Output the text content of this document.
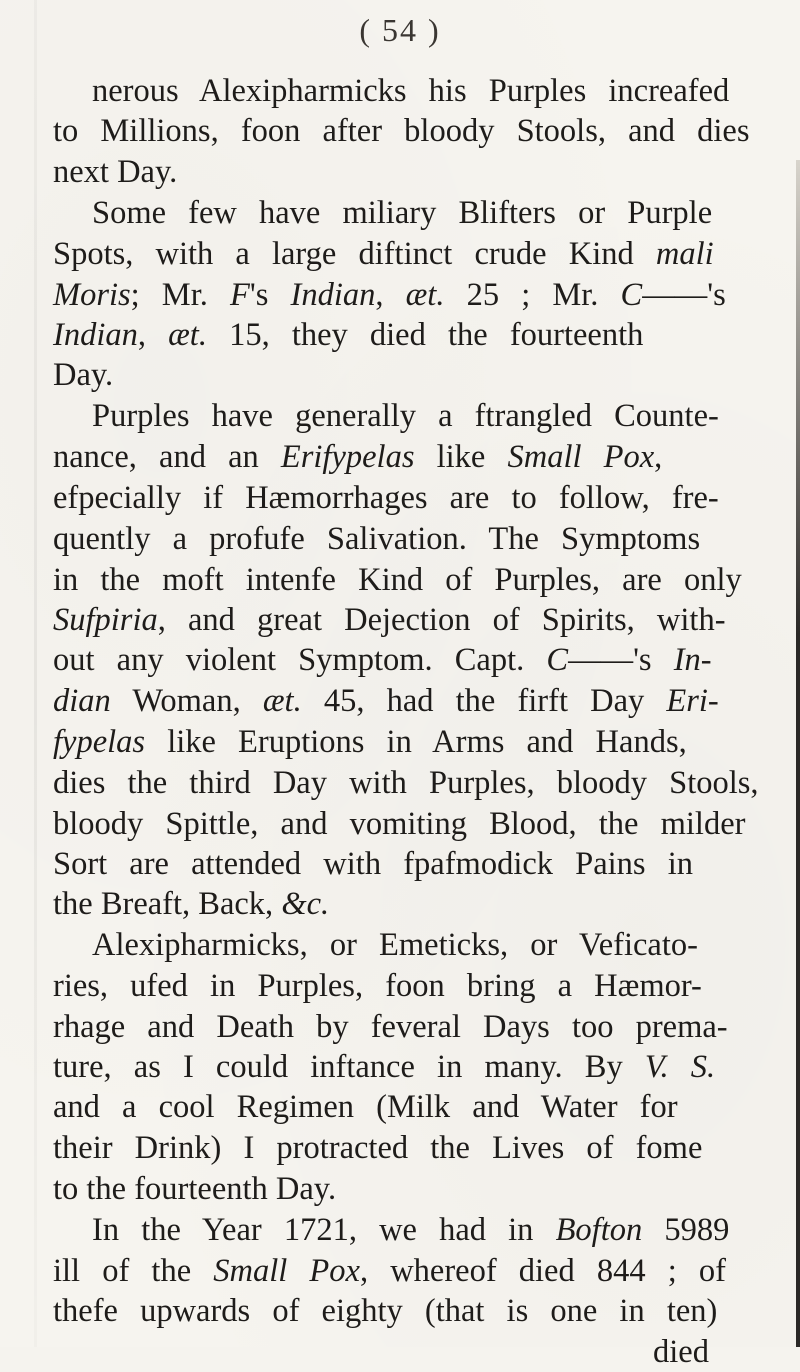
( 54 )
nerous Alexipharmicks his Purples increafed
to Millions, foon after bloody Stools, and dies
next Day.
Some few have miliary Blifters or Purple
Spots, with a large diftinct crude Kind mali
Moris; Mr. F's Indian, æt. 25 ; Mr. C——'s
Indian, æt. 15, they died the fourteenth
Day.
Purples have generally a ftrangled Counte-
nance, and an Erifypelas like Small Pox,
efpecially if Hæmorrhages are to follow, fre-
quently a profufe Salivation. The Symptoms
in the moft intenfe Kind of Purples, are only
Sufpiria, and great Dejection of Spirits, with-
out any violent Symptom. Capt. C——'s In-
dian Woman, æt. 45, had the firft Day Eri-
fypelas like Eruptions in Arms and Hands,
dies the third Day with Purples, bloody Stools,
bloody Spittle, and vomiting Blood, the milder
Sort are attended with fpafmodick Pains in
the Breaft, Back, &c.
Alexipharmicks, or Emeticks, or Veficato-
ries, ufed in Purples, foon bring a Hæmor-
rhage and Death by feveral Days too prema-
ture, as I could inftance in many. By V. S.
and a cool Regimen (Milk and Water for
their Drink) I protracted the Lives of fome
to the fourteenth Day.
In the Year 1721, we had in Bofton 5989
ill of the Small Pox, whereof died 844 ; of
thefe upwards of eighty (that is one in ten)
died
